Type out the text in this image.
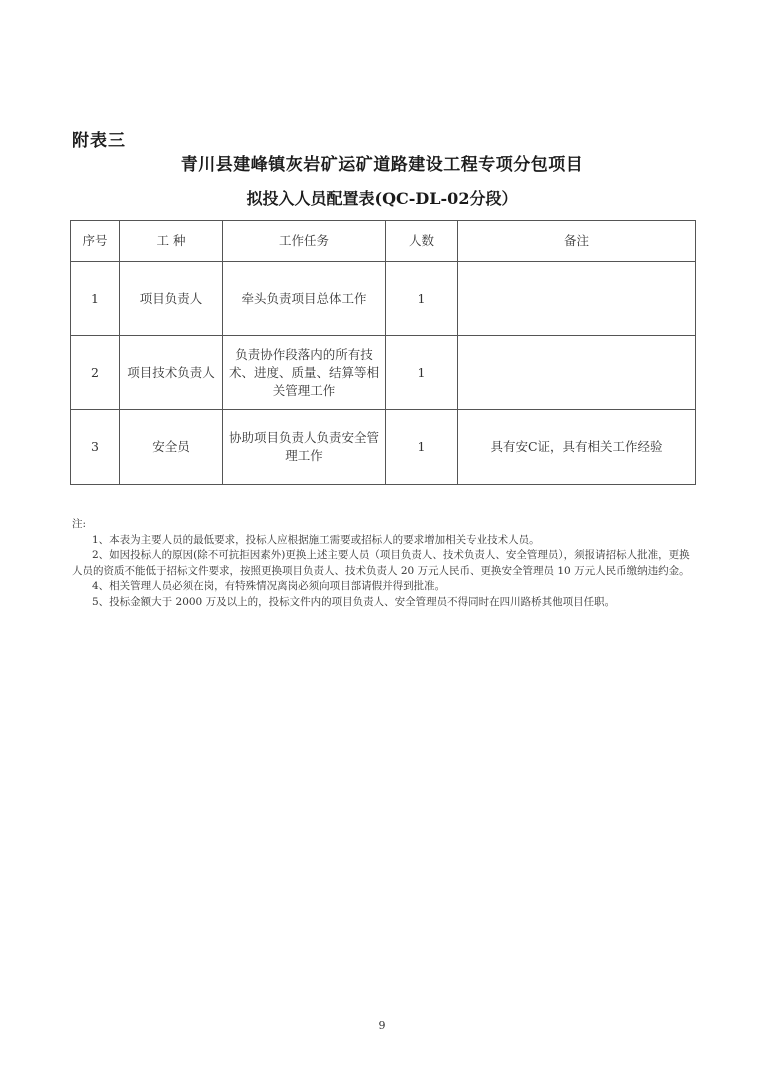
附表三
青川县建峰镇灰岩矿运矿道路建设工程专项分包项目
拟投入人员配置表(QC-DL-02分段）
序号	工 种	工作任务	人数	备注
1	项目负责人	牵头负责项目总体工作	1	
2	项目技术负责人	负责协作段落内的所有技术、进度、质量、结算等相关管理工作	1	
3	安全员	协助项目负责人负责安全管理工作	1	具有安C证，具有相关工作经验

注:

1、本表为主要人员的最低要求，投标人应根据施工需要或招标人的要求增加相关专业技术人员。

2、如因投标人的原因(除不可抗拒因素外)更换上述主要人员（项目负责人、技术负责人、安全管理员），须报请招标人批准，更换人员的资质不能低于招标文件要求，按照更换项目负责人、技术负责人 20 万元人民币、更换安全管理员 10 万元人民币缴纳违约金。

4、相关管理人员必须在岗，有特殊情况离岗必须向项目部请假并得到批准。

5、投标金额大于 2000 万及以上的，投标文件内的项目负责人、安全管理员不得同时在四川路桥其他项目任职。

9
